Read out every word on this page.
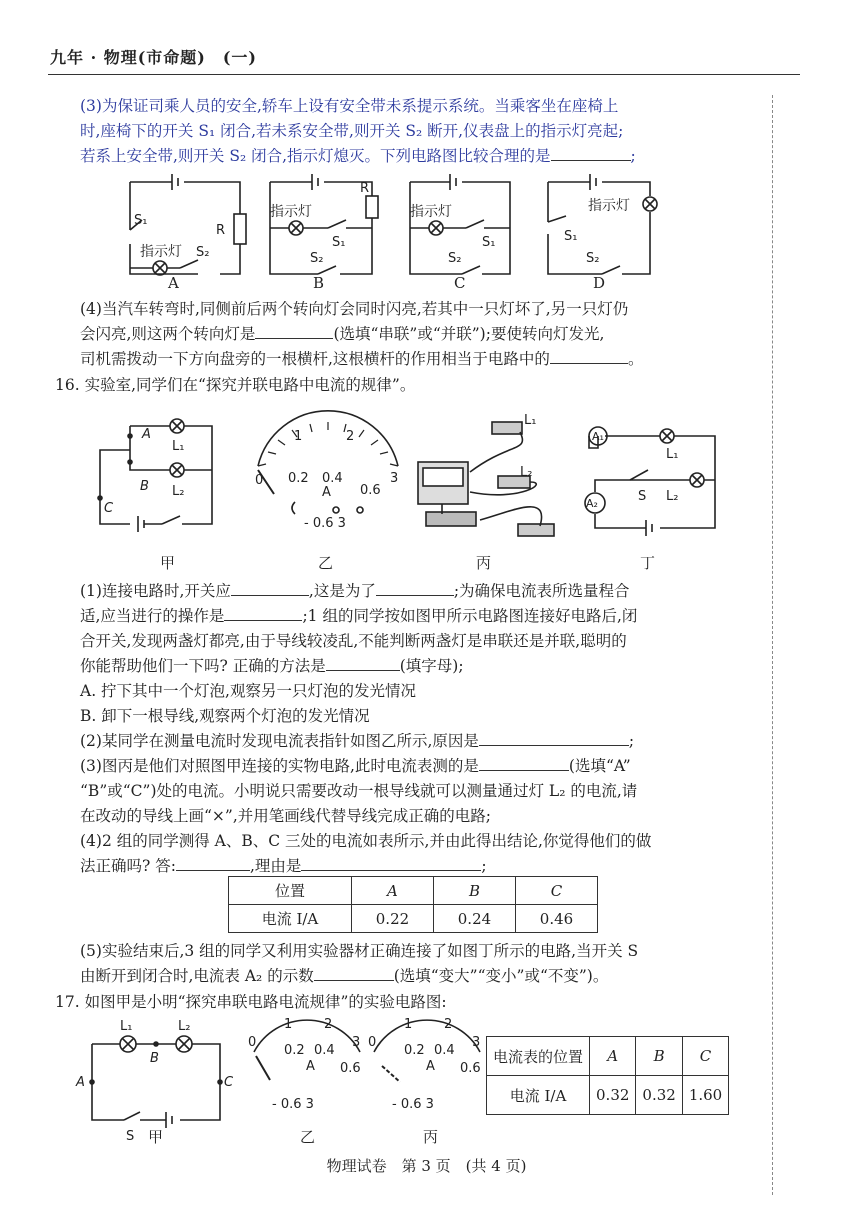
九年 · 物理(市命题)　(一)
(3)为保证司乘人员的安全,轿车上设有安全带未系提示系统。当乘客坐在座椅上
时,座椅下的开关 S₁ 闭合,若未系安全带,则开关 S₂ 断开,仪表盘上的指示灯亮起;
若系上安全带,则开关 S₂ 闭合,指示灯熄灭。下列电路图比较合理的是	;
S₁
R
指示灯 S₂
指示灯
R
S₁
S₂
指示灯
S₁
S₂
指示灯
S₁
S₂
A	B	C	D
(4)当汽车转弯时,同侧前后两个转向灯会同时闪亮,若其中一只灯坏了,另一只灯仍
会闪亮,则这两个转向灯是	(选填“串联”或“并联”);要使转向灯发光,
司机需拨动一下方向盘旁的一根横杆,这根横杆的作用相当于电路中的	。
16. 实验室,同学们在“探究并联电路中电流的规律”。
A
L₁
B L₂
C
0
1	2
3
0.2 0.4
0.6
A
- 0.6 3
L₁
L₂
A₁
L₁
S L₂
A₂
甲	乙	丙	丁
(1)连接电路时,开关应	,这是为了	;为确保电流表所选量程合
适,应当进行的操作是	;1 组的同学按如图甲所示电路图连接好电路后,闭
合开关,发现两盏灯都亮,由于导线较凌乱,不能判断两盏灯是串联还是并联,聪明的
你能帮助他们一下吗? 正确的方法是	(填字母);
A. 拧下其中一个灯泡,观察另一只灯泡的发光情况
B. 卸下一根导线,观察两个灯泡的发光情况
(2)某同学在测量电流时发现电流表指针如图乙所示,原因是	;
(3)图丙是他们对照图甲连接的实物电路,此时电流表测的是	(选填“A”
“B”或“C”)处的电流。小明说只需要改动一根导线就可以测量通过灯 L₂ 的电流,请
在改动的导线上画“×”,并用笔画线代替导线完成正确的电路;
(4)2 组的同学测得 A、B、C 三处的电流如表所示,并由此得出结论,你觉得他们的做
法正确吗? 答:	,理由是	;
位置	A	B	C
电流 I/A	0.22	0.24	0.46
(5)实验结束后,3 组的同学又利用实验器材正确连接了如图丁所示的电路,当开关 S
由断开到闭合时,电流表 A₂ 的示数	(选填“变大”“变小”或“不变”)。
17. 如图甲是小明“探究串联电路电流规律”的实验电路图:
L₁	L₂
B
A	C
S
0
1 2
3
0.2 0.4
0.6
A
- 0.6 3
0
1 2
3
0.2 0.4
0.6
A
- 0.6 3
甲	乙	丙
电流表的位置	A	B	C
电流 I/A	0.32	0.32	1.60
物理试卷　第 3 页　(共 4 页)
